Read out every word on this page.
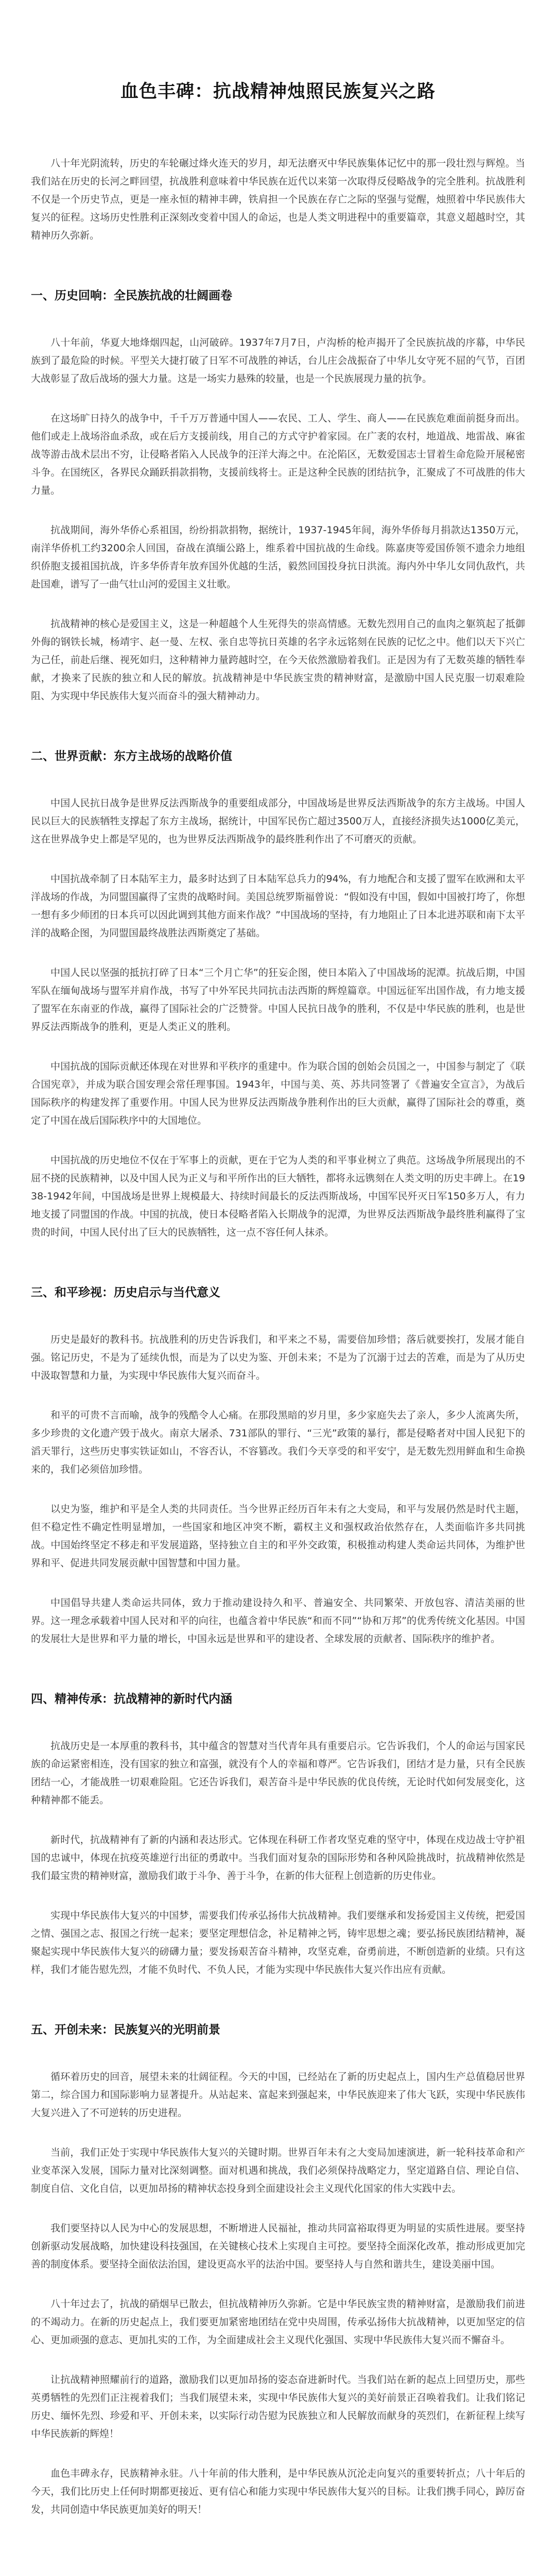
血色丰碑：抗战精神烛照民族复兴之路

八十年光阴流转，历史的车轮碾过烽火连天的岁月，却无法磨灭中华民族集体记忆中的那一段壮烈与辉煌。当我们站在历史的长河之畔回望，抗战胜利意味着中华民族在近代以来第一次取得反侵略战争的完全胜利。抗战胜利不仅是一个历史节点，更是一座永恒的精神丰碑，铁肩担一个民族在存亡之际的坚强与觉醒，烛照着中华民族伟大复兴的征程。这场历史性胜利正深刻改变着中国人的命运，也是人类文明进程中的重要篇章，其意义超越时空，其精神历久弥新。

一、历史回响：全民族抗战的壮阔画卷

八十年前，华夏大地烽烟四起，山河破碎。1937年7月7日，卢沟桥的枪声揭开了全民族抗战的序幕，中华民族到了最危险的时候。平型关大捷打破了日军不可战胜的神话，台儿庄会战振奋了中华儿女守死不屈的气节，百团大战彰显了敌后战场的强大力量。这是一场实力悬殊的较量，也是一个民族展现力量的抗争。

在这场旷日持久的战争中，千千万万普通中国人——农民、工人、学生、商人——在民族危难面前挺身而出。他们或走上战场浴血杀敌，或在后方支援前线，用自己的方式守护着家园。在广袤的农村，地道战、地雷战、麻雀战等游击战术层出不穷，让侵略者陷入人民战争的汪洋大海之中。在沦陷区，无数爱国志士冒着生命危险开展秘密斗争。在国统区，各界民众踊跃捐款捐物，支援前线将士。正是这种全民族的团结抗争，汇聚成了不可战胜的伟大力量。

抗战期间，海外华侨心系祖国，纷纷捐款捐物，据统计，1937-1945年间，海外华侨每月捐款达1350万元，南洋华侨机工约3200余人回国，奋战在滇缅公路上，维系着中国抗战的生命线。陈嘉庚等爱国侨领不遗余力地组织侨胞支援祖国抗战，许多华侨青年放弃国外优越的生活，毅然回国投身抗日洪流。海内外中华儿女同仇敌忾，共赴国难，谱写了一曲气壮山河的爱国主义壮歌。

抗战精神的核心是爱国主义，这是一种超越个人生死得失的崇高情感。无数先烈用自己的血肉之躯筑起了抵御外侮的钢铁长城，杨靖宇、赵一曼、左权、张自忠等抗日英雄的名字永远铭刻在民族的记忆之中。他们以天下兴亡为己任，前赴后继、视死如归，这种精神力量跨越时空，在今天依然激励着我们。正是因为有了无数英雄的牺牲奉献，才换来了民族的独立和人民的解放。抗战精神是中华民族宝贵的精神财富，是激励中国人民克服一切艰难险阻、为实现中华民族伟大复兴而奋斗的强大精神动力。

二、世界贡献：东方主战场的战略价值

中国人民抗日战争是世界反法西斯战争的重要组成部分，中国战场是世界反法西斯战争的东方主战场。中国人民以巨大的民族牺牲支撑起了东方主战场，据统计，中国军民伤亡超过3500万人，直接经济损失达1000亿美元，这在世界战争史上都是罕见的，也为世界反法西斯战争的最终胜利作出了不可磨灭的贡献。

中国抗战牵制了日本陆军主力，最多时达到了日本陆军总兵力的94%，有力地配合和支援了盟军在欧洲和太平洋战场的作战，为同盟国赢得了宝贵的战略时间。美国总统罗斯福曾说：“假如没有中国，假如中国被打垮了，你想一想有多少师团的日本兵可以因此调到其他方面来作战？”中国战场的坚持，有力地阻止了日本北进苏联和南下太平洋的战略企图，为同盟国最终战胜法西斯奠定了基础。

中国人民以坚强的抵抗打碎了日本“三个月亡华”的狂妄企图，使日本陷入了中国战场的泥潭。抗战后期，中国军队在缅甸战场与盟军并肩作战，书写了中外军民共同抗击法西斯的辉煌篇章。中国远征军出国作战，有力地支援了盟军在东南亚的作战，赢得了国际社会的广泛赞誉。中国人民抗日战争的胜利，不仅是中华民族的胜利，也是世界反法西斯战争的胜利，更是人类正义的胜利。

中国抗战的国际贡献还体现在对世界和平秩序的重建中。作为联合国的创始会员国之一，中国参与制定了《联合国宪章》，并成为联合国安理会常任理事国。1943年，中国与美、英、苏共同签署了《普遍安全宣言》，为战后国际秩序的构建发挥了重要作用。中国人民为世界反法西斯战争胜利作出的巨大贡献，赢得了国际社会的尊重，奠定了中国在战后国际秩序中的大国地位。

中国抗战的历史地位不仅在于军事上的贡献，更在于它为人类的和平事业树立了典范。这场战争所展现出的不屈不挠的民族精神，以及中国人民为正义与和平所作出的巨大牺牲，都将永远镌刻在人类文明的历史丰碑上。在1938-1942年间，中国战场是世界上规模最大、持续时间最长的反法西斯战场，中国军民歼灭日军150多万人，有力地支援了同盟国的作战。中国的抗战，使日本侵略者陷入长期战争的泥潭，为世界反法西斯战争最终胜利赢得了宝贵的时间，中国人民付出了巨大的民族牺牲，这一点不容任何人抹杀。

三、和平珍视：历史启示与当代意义

历史是最好的教科书。抗战胜利的历史告诉我们，和平来之不易，需要倍加珍惜；落后就要挨打，发展才能自强。铭记历史，不是为了延续仇恨，而是为了以史为鉴、开创未来；不是为了沉溺于过去的苦难，而是为了从历史中汲取智慧和力量，为实现中华民族伟大复兴而奋斗。

和平的可贵不言而喻，战争的残酷令人心痛。在那段黑暗的岁月里，多少家庭失去了亲人，多少人流离失所，多少珍贵的文化遗产毁于战火。南京大屠杀、731部队的罪行、“三光”政策的暴行，都是侵略者对中国人民犯下的滔天罪行，这些历史事实铁证如山，不容否认，不容篡改。我们今天享受的和平安宁，是无数先烈用鲜血和生命换来的，我们必须倍加珍惜。

以史为鉴，维护和平是全人类的共同责任。当今世界正经历百年未有之大变局，和平与发展仍然是时代主题，但不稳定性不确定性明显增加，一些国家和地区冲突不断，霸权主义和强权政治依然存在，人类面临许多共同挑战。中国始终坚定不移走和平发展道路，坚持独立自主的和平外交政策，积极推动构建人类命运共同体，为维护世界和平、促进共同发展贡献中国智慧和中国力量。

中国倡导共建人类命运共同体，致力于推动建设持久和平、普遍安全、共同繁荣、开放包容、清洁美丽的世界。这一理念承载着中国人民对和平的向往，也蕴含着中华民族“和而不同”“协和万邦”的优秀传统文化基因。中国的发展壮大是世界和平力量的增长，中国永远是世界和平的建设者、全球发展的贡献者、国际秩序的维护者。

四、精神传承：抗战精神的新时代内涵

抗战历史是一本厚重的教科书，其中蕴含的智慧对当代青年具有重要启示。它告诉我们，个人的命运与国家民族的命运紧密相连，没有国家的独立和富强，就没有个人的幸福和尊严。它告诉我们，团结才是力量，只有全民族团结一心，才能战胜一切艰难险阻。它还告诉我们，艰苦奋斗是中华民族的优良传统，无论时代如何发展变化，这种精神都不能丢。

新时代，抗战精神有了新的内涵和表达形式。它体现在科研工作者攻坚克难的坚守中，体现在戍边战士守护祖国的忠诚中，体现在抗疫英雄逆行出征的勇敢中。当我们面对复杂的国际形势和各种风险挑战时，抗战精神依然是我们最宝贵的精神财富，激励我们敢于斗争、善于斗争，在新的伟大征程上创造新的历史伟业。

实现中华民族伟大复兴的中国梦，需要我们传承弘扬伟大抗战精神。我们要继承和发扬爱国主义传统，把爱国之情、强国之志、报国之行统一起来；要坚定理想信念，补足精神之钙，铸牢思想之魂；要弘扬民族团结精神，凝聚起实现中华民族伟大复兴的磅礴力量；要发扬艰苦奋斗精神，攻坚克难，奋勇前进，不断创造新的业绩。只有这样，我们才能告慰先烈，才能不负时代、不负人民，才能为实现中华民族伟大复兴作出应有贡献。

五、开创未来：民族复兴的光明前景

循环着历史的回音，展望未来的壮阔征程。今天的中国，已经站在了新的历史起点上，国内生产总值稳居世界第二，综合国力和国际影响力显著提升。从站起来、富起来到强起来，中华民族迎来了伟大飞跃，实现中华民族伟大复兴进入了不可逆转的历史进程。

当前，我们正处于实现中华民族伟大复兴的关键时期。世界百年未有之大变局加速演进，新一轮科技革命和产业变革深入发展，国际力量对比深刻调整。面对机遇和挑战，我们必须保持战略定力，坚定道路自信、理论自信、制度自信、文化自信，以更加昂扬的精神状态投身到全面建设社会主义现代化国家的伟大实践中去。

我们要坚持以人民为中心的发展思想，不断增进人民福祉，推动共同富裕取得更为明显的实质性进展。要坚持创新驱动发展战略，加快建设科技强国，在关键核心技术上实现自主可控。要坚持全面深化改革，推动形成更加完善的制度体系。要坚持全面依法治国，建设更高水平的法治中国。要坚持人与自然和谐共生，建设美丽中国。

八十年过去了，抗战的硝烟早已散去，但抗战精神历久弥新。它是中华民族宝贵的精神财富，是激励我们前进的不竭动力。在新的历史起点上，我们要更加紧密地团结在党中央周围，传承弘扬伟大抗战精神，以更加坚定的信心、更加顽强的意志、更加扎实的工作，为全面建成社会主义现代化强国、实现中华民族伟大复兴而不懈奋斗。

让抗战精神照耀前行的道路，激励我们以更加昂扬的姿态奋进新时代。当我们站在新的起点上回望历史，那些英勇牺牲的先烈们正注视着我们；当我们展望未来，实现中华民族伟大复兴的美好前景正召唤着我们。让我们铭记历史、缅怀先烈、珍爱和平、开创未来，以实际行动告慰为民族独立和人民解放而献身的英烈们，在新征程上续写中华民族新的辉煌！

血色丰碑永存，民族精神永驻。八十年前的伟大胜利，是中华民族从沉沦走向复兴的重要转折点；八十年后的今天，我们比历史上任何时期都更接近、更有信心和能力实现中华民族伟大复兴的目标。让我们携手同心，踔厉奋发，共同创造中华民族更加美好的明天！
